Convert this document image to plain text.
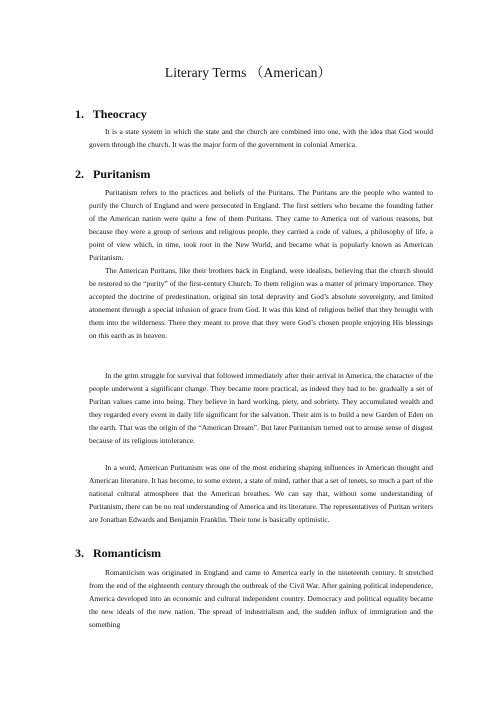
Literary Terms （American）
1. Theocracy

It is a state system in which the state and the church are combined into one, with the idea that God would govern through the church. It was the major form of the government in colonial America.

2. Puritanism

Puritanism refers to the practices and beliefs of the Puritans. The Puritans are the people who wanted to purify the Church of England and were persecuted in England. The first settlers who became the founding father of the American nation were quite a few of them Puritans. They came to America out of various reasons, but because they were a group of serious and religious people, they carried a code of values, a philosophy of life, a point of view which, in time, took root in the New World, and became what is popularly known as American Puritanism.

The American Puritans, like their brothers back in England, were idealists, believing that the church should be restored to the “purity” of the first-century Church. To them religion was a matter of primary importance. They accepted the doctrine of predestination, original sin total depravity and God’s absolute sovereignty, and limited atonement through a special infusion of grace from God. It was this kind of religious belief that they brought with them into the wilderness. There they meant to prove that they were God’s chosen people enjoying His blessings on this earth as in heaven.

In the grim struggle for survival that followed immediately after their arrival in America, the character of the people underwent a significant change. They became more practical, as indeed they had to be. gradually a set of Puritan values came into being. They believe in hard working, piety, and sobriety. They accumulated wealth and they regarded every event in daily life significant for the salvation. Their aim is to build a new Garden of Eden on the earth. That was the origin of the “American Dream”. But later Puritanism turned out to arouse sense of disgust because of its religious intolerance.

In a word, American Puritanism was one of the most enduring shaping influences in American thought and American literature. It has become, to some extent, a state of mind, rather that a set of tenets, so much a part of the national cultural atmosphere that the American breathes. We can say that, without some understanding of Puritanism, there can be no real understanding of America and its literature. The representatives of Puritan writers are Jonathan Edwards and Benjamin Franklin. Their tone is basically optimistic.

3. Romanticism

Romanticism was originated in England and came to America early in the nineteenth century. It stretched from the end of the eighteenth century through the outbreak of the Civil War. After gaining political independence, America developed into an economic and cultural independent country. Democracy and political equality became the new ideals of the new nation. The spread of industrialism and, the sudden influx of immigration and the something
